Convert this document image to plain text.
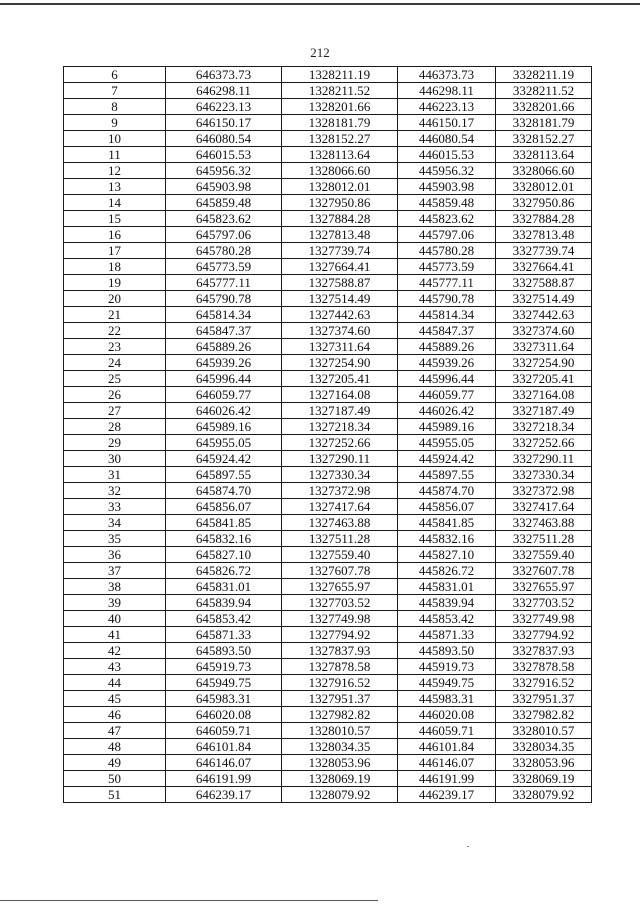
212
6	646373.73	1328211.19	446373.73	3328211.19
7	646298.11	1328211.52	446298.11	3328211.52
8	646223.13	1328201.66	446223.13	3328201.66
9	646150.17	1328181.79	446150.17	3328181.79
10	646080.54	1328152.27	446080.54	3328152.27
11	646015.53	1328113.64	446015.53	3328113.64
12	645956.32	1328066.60	445956.32	3328066.60
13	645903.98	1328012.01	445903.98	3328012.01
14	645859.48	1327950.86	445859.48	3327950.86
15	645823.62	1327884.28	445823.62	3327884.28
16	645797.06	1327813.48	445797.06	3327813.48
17	645780.28	1327739.74	445780.28	3327739.74
18	645773.59	1327664.41	445773.59	3327664.41
19	645777.11	1327588.87	445777.11	3327588.87
20	645790.78	1327514.49	445790.78	3327514.49
21	645814.34	1327442.63	445814.34	3327442.63
22	645847.37	1327374.60	445847.37	3327374.60
23	645889.26	1327311.64	445889.26	3327311.64
24	645939.26	1327254.90	445939.26	3327254.90
25	645996.44	1327205.41	445996.44	3327205.41
26	646059.77	1327164.08	446059.77	3327164.08
27	646026.42	1327187.49	446026.42	3327187.49
28	645989.16	1327218.34	445989.16	3327218.34
29	645955.05	1327252.66	445955.05	3327252.66
30	645924.42	1327290.11	445924.42	3327290.11
31	645897.55	1327330.34	445897.55	3327330.34
32	645874.70	1327372.98	445874.70	3327372.98
33	645856.07	1327417.64	445856.07	3327417.64
34	645841.85	1327463.88	445841.85	3327463.88
35	645832.16	1327511.28	445832.16	3327511.28
36	645827.10	1327559.40	445827.10	3327559.40
37	645826.72	1327607.78	445826.72	3327607.78
38	645831.01	1327655.97	445831.01	3327655.97
39	645839.94	1327703.52	445839.94	3327703.52
40	645853.42	1327749.98	445853.42	3327749.98
41	645871.33	1327794.92	445871.33	3327794.92
42	645893.50	1327837.93	445893.50	3327837.93
43	645919.73	1327878.58	445919.73	3327878.58
44	645949.75	1327916.52	445949.75	3327916.52
45	645983.31	1327951.37	445983.31	3327951.37
46	646020.08	1327982.82	446020.08	3327982.82
47	646059.71	1328010.57	446059.71	3328010.57
48	646101.84	1328034.35	446101.84	3328034.35
49	646146.07	1328053.96	446146.07	3328053.96
50	646191.99	1328069.19	446191.99	3328069.19
51	646239.17	1328079.92	446239.17	3328079.92
